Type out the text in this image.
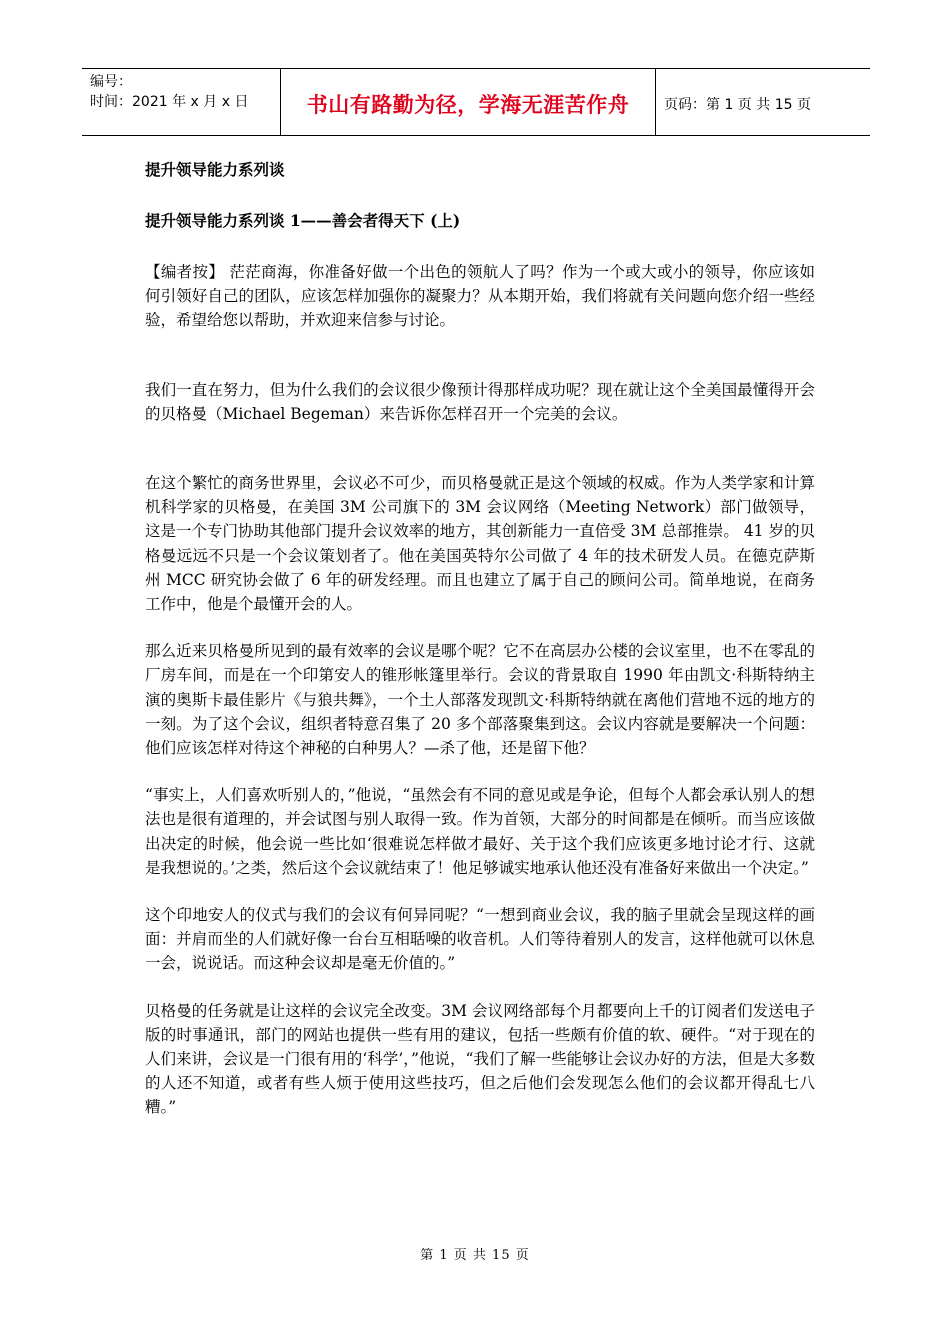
编号：
时间：2021 年 x 月 x 日	书山有路勤为径，学海无涯苦作舟	页码：第 1 页 共 15 页

提升领导能力系列谈

提升领导能力系列谈 1——善会者得天下 (上)

【编者按】 茫茫商海，你准备好做一个出色的领航人了吗？作为一个或大或小的领导，你应该如何引领好自己的团队，应该怎样加强你的凝聚力？从本期开始，我们将就有关问题向您介绍一些经验，希望给您以帮助，并欢迎来信参与讨论。

我们一直在努力，但为什么我们的会议很少像预计得那样成功呢？现在就让这个全美国最懂得开会的贝格曼（Michael Begeman）来告诉你怎样召开一个完美的会议。

在这个繁忙的商务世界里，会议必不可少，而贝格曼就正是这个领域的权威。作为人类学家和计算机科学家的贝格曼，在美国 3M 公司旗下的 3M 会议网络（Meeting Network）部门做领导，这是一个专门协助其他部门提升会议效率的地方，其创新能力一直倍受 3M 总部推崇。 41 岁的贝格曼远远不只是一个会议策划者了。他在美国英特尔公司做了 4 年的技术研发人员。在德克萨斯州 MCC 研究协会做了 6 年的研发经理。而且也建立了属于自己的顾问公司。简单地说，在商务工作中，他是个最懂开会的人。

那么近来贝格曼所见到的最有效率的会议是哪个呢？它不在高层办公楼的会议室里，也不在零乱的厂房车间，而是在一个印第安人的锥形帐篷里举行。会议的背景取自 1990 年由凯文·科斯特纳主演的奥斯卡最佳影片《与狼共舞》，一个土人部落发现凯文·科斯特纳就在离他们营地不远的地方的一刻。为了这个会议，组织者特意召集了 20 多个部落聚集到这。会议内容就是要解决一个问题：他们应该怎样对待这个神秘的白种男人？—杀了他，还是留下他？

“事实上，人们喜欢听别人的，”他说，“虽然会有不同的意见或是争论，但每个人都会承认别人的想法也是很有道理的，并会试图与别人取得一致。作为首领，大部分的时间都是在倾听。而当应该做出决定的时候，他会说一些比如‘很难说怎样做才最好、关于这个我们应该更多地讨论才行、这就是我想说的。’之类，然后这个会议就结束了！他足够诚实地承认他还没有准备好来做出一个决定。”

这个印地安人的仪式与我们的会议有何异同呢？“一想到商业会议，我的脑子里就会呈现这样的画面：并肩而坐的人们就好像一台台互相聒噪的收音机。人们等待着别人的发言，这样他就可以休息一会，说说话。而这种会议却是毫无价值的。”

贝格曼的任务就是让这样的会议完全改变。3M 会议网络部每个月都要向上千的订阅者们发送电子版的时事通讯，部门的网站也提供一些有用的建议，包括一些颇有价值的软、硬件。“对于现在的人们来讲，会议是一门很有用的‘科学’，”他说，“我们了解一些能够让会议办好的方法，但是大多数的人还不知道，或者有些人烦于使用这些技巧，但之后他们会发现怎么他们的会议都开得乱七八糟。”

第 1 页 共 15 页
